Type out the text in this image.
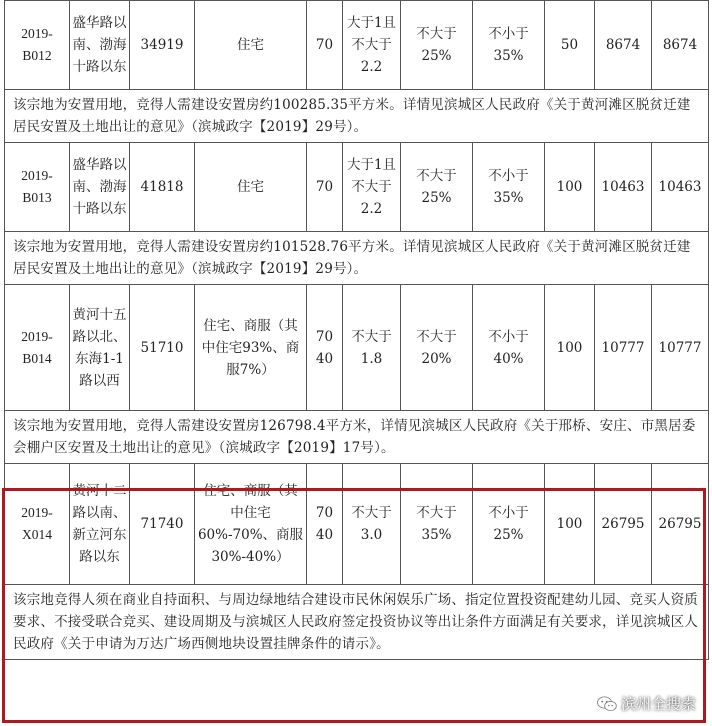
2019-B012	盛华路以南、渤海十路以东	34919	住宅	70	大于1且不大于2.2	不大于25%	不小于35%	50	8674	8674
该宗地为安置用地，竞得人需建设安置房约100285.35平方米。详情见滨城区人民政府《关于黄河滩区脱贫迁建居民安置及土地出让的意见》（滨城政字【2019】29号）。										
2019-B013	盛华路以南、渤海十路以东	41818	住宅	70	大于1且不大于2.2	不大于25%	不小于35%	100	10463	10463
该宗地为安置用地，竞得人需建设安置房约101528.76平方米。详情见滨城区人民政府《关于黄河滩区脱贫迁建居民安置及土地出让的意见》（滨城政字【2019】29号）。										
2019-B014	黄河十五路以北、东海1-1路以西	51710	住宅、商服（其中住宅93%、商服7%）	70 40	不大于1.8	不大于20%	不小于40%	100	10777	10777
该宗地为安置用地，竞得人需建设安置房126798.4平方米，详情见滨城区人民政府《关于邢桥、安庄、市黑居委会棚户区安置及土地出让的意见》（滨城政字【2019】17号）。										
2019-X014	黄河十二路以南、新立河东路以东	71740	住宅、商服（其中住宅60%-70%、商服30%-40%）	70 40	不大于3.0	不大于35%	不小于25%	100	26795	26795
该宗地竞得人须在商业自持面积、与周边绿地结合建设市民休闲娱乐广场、指定位置投资配建幼儿园、竞买人资质要求、不接受联合竞买、建设周期及与滨城区人民政府签定投资协议等出让条件方面满足有关要求，详见滨城区人民政府《关于申请为万达广场西侧地块设置挂牌条件的请示》。										
滨州全搜索
